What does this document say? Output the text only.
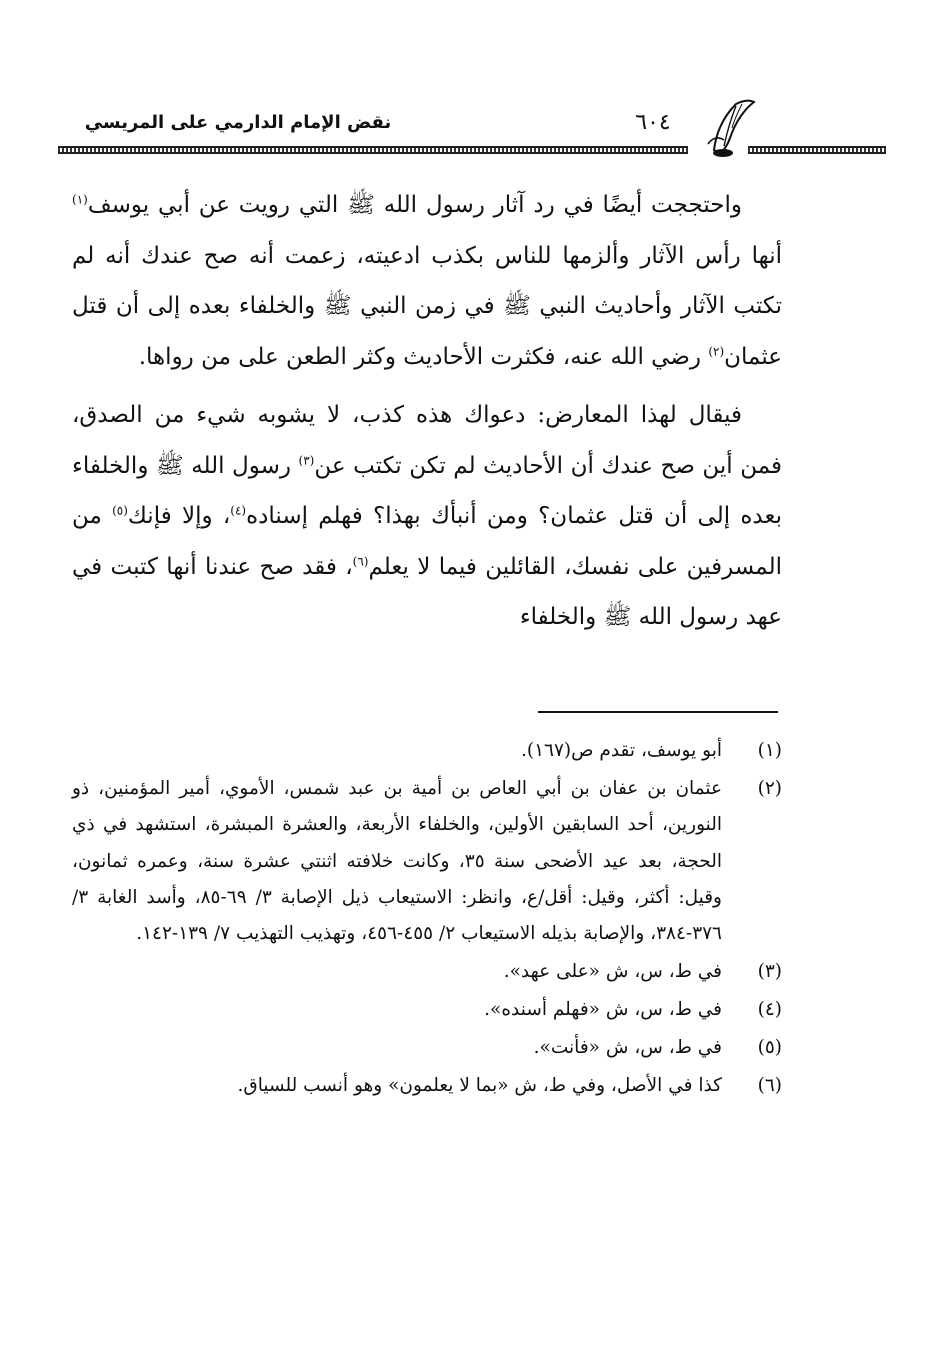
نقض الإمام الدارمي على المريسي	٦٠٤

واحتججت أيضًا في رد آثار رسول الله ﷺ التي رويت عن أبي يوسف$^{(١)}$ أنها رأس الآثار وألزمها للناس بكذب ادعيته، زعمت أنه صح عندك أنه لم تكتب الآثار وأحاديث النبي ﷺ في زمن النبي ﷺ والخلفاء بعده إلى أن قتل عثمان$^{(٢)}$ رضي الله عنه، فكثرت الأحاديث وكثر الطعن على من رواها.

فيقال لهذا المعارض: دعواك هذه كذب، لا يشوبه شيء من الصدق، فمن أين صح عندك أن الأحاديث لم تكن تكتب عن$^{(٣)}$ رسول الله ﷺ والخلفاء بعده إلى أن قتل عثمان؟ ومن أنبأك بهذا؟ فهلم إسناده$^{(٤)}$، وإلا فإنك$^{(٥)}$ من المسرفين على نفسك، القائلين فيما لا يعلم$^{(٦)}$، فقد صح عندنا أنها كتبت في عهد رسول الله ﷺ والخلفاء

(١)
أبو يوسف، تقدم ص(١٦٧).
(٢)
عثمان بن عفان بن أبي العاص بن أمية بن عبد شمس، الأموي، أمير المؤمنين، ذو النورين، أحد السابقين الأولين، والخلفاء الأربعة، والعشرة المبشرة، استشهد في ذي الحجة، بعد عيد الأضحى سنة ٣٥، وكانت خلافته اثنتي عشرة سنة، وعمره ثمانون، وقيل: أكثر، وقيل: أقل/ع، وانظر: الاستيعاب ذيل الإصابة ٣/ ٦٩-٨٥، وأسد الغابة ٣/ ٣٧٦-٣٨٤، والإصابة بذيله الاستيعاب ٢/ ٤٥٥-٤٥٦، وتهذيب التهذيب ٧/ ١٣٩-١٤٢.
(٣)
في ط، س، ش «على عهد».
(٤)
في ط، س، ش «فهلم أسنده».
(٥)
في ط، س، ش «فأنت».
(٦)
كذا في الأصل، وفي ط، ش «بما لا يعلمون» وهو أنسب للسياق.
